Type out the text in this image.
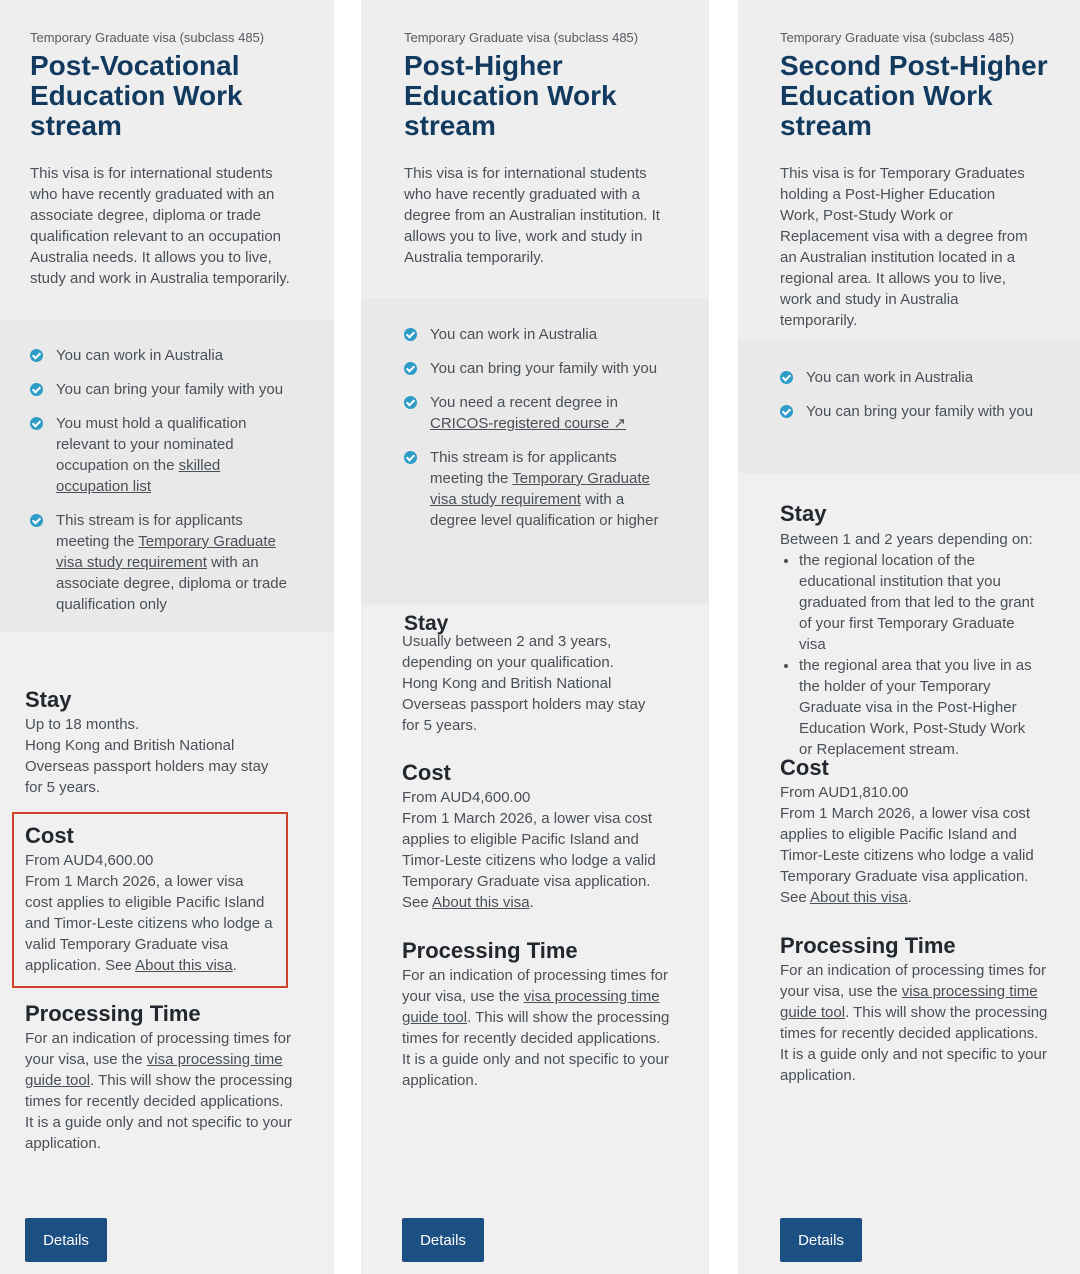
Temporary Graduate visa (subclass 485)
Post-Vocational
Education Work
stream

This visa is for international students who have recently graduated with an associate degree, diploma or trade qualification relevant to an occupation Australia needs. It allows you to live, study and work in Australia temporarily.

You can work in Australia
You can bring your family with you
You must hold a qualification relevant to your nominated occupation on the skilled occupation list
This stream is for applicants meeting the Temporary Graduate visa study requirement with an associate degree, diploma or trade qualification only
Stay

Up to 18 months.
Hong Kong and British National Overseas passport holders may stay for 5 years.

Cost

From AUD4,600.00
From 1 March 2026, a lower visa cost applies to eligible Pacific Island and Timor-Leste citizens who lodge a valid Temporary Graduate visa application. See About this visa.

Processing Time

For an indication of processing times for your visa, use the visa processing time guide tool. This will show the processing times for recently decided applications. It is a guide only and not specific to your application.

Details
Temporary Graduate visa (subclass 485)
Post-Higher
Education Work
stream

This visa is for international students who have recently graduated with a degree from an Australian institution. It allows you to live, work and study in Australia temporarily.

You can work in Australia
You can bring your family with you
You need a recent degree in CRICOS-registered course ↗
This stream is for applicants meeting the Temporary Graduate visa study requirement with a degree level qualification or higher
Stay

Usually between 2 and 3 years, depending on your qualification.
Hong Kong and British National Overseas passport holders may stay for 5 years.

Cost

From AUD4,600.00
From 1 March 2026, a lower visa cost applies to eligible Pacific Island and Timor-Leste citizens who lodge a valid Temporary Graduate visa application. See About this visa.

Processing Time

For an indication of processing times for your visa, use the visa processing time guide tool. This will show the processing times for recently decided applications. It is a guide only and not specific to your application.

Details
Temporary Graduate visa (subclass 485)
Second Post-Higher
Education Work
stream

This visa is for Temporary Graduates holding a Post-Higher Education Work, Post-Study Work or Replacement visa with a degree from an Australian institution located in a regional area. It allows you to live, work and study in Australia temporarily.

You can work in Australia
You can bring your family with you
Stay

Between 1 and 2 years depending on:

• the regional location of the educational institution that you graduated from that led to the grant of your first Temporary Graduate visa
• the regional area that you live in as the holder of your Temporary Graduate visa in the Post-Higher Education Work, Post-Study Work or Replacement stream.
Cost

From AUD1,810.00
From 1 March 2026, a lower visa cost applies to eligible Pacific Island and Timor-Leste citizens who lodge a valid Temporary Graduate visa application. See About this visa.

Processing Time

For an indication of processing times for your visa, use the visa processing time guide tool. This will show the processing times for recently decided applications. It is a guide only and not specific to your application.

Details
